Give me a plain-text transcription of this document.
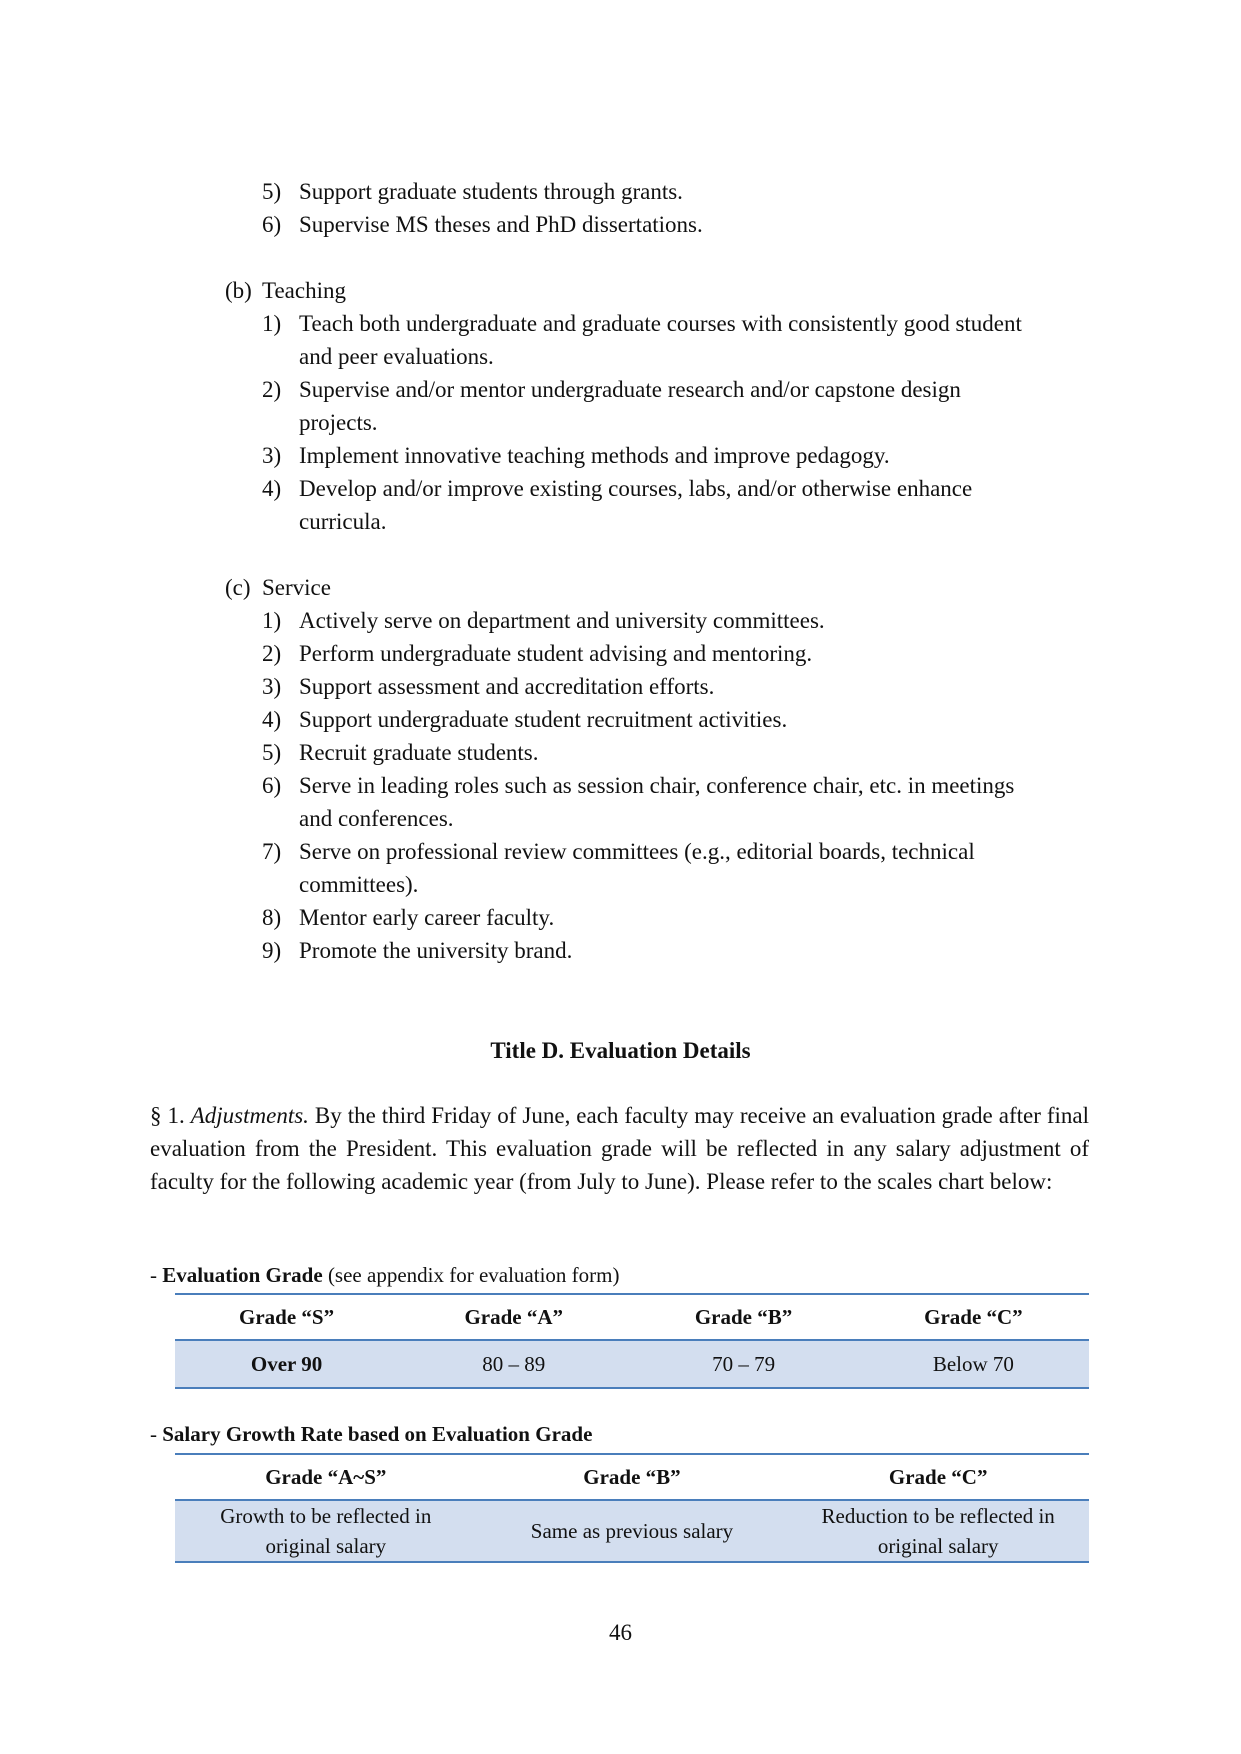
5) Support graduate students through grants.
6) Supervise MS theses and PhD dissertations.
(b) Teaching
1) Teach both undergraduate and graduate courses with consistently good student
and peer evaluations.
2) Supervise and/or mentor undergraduate research and/or capstone design
projects.
3) Implement innovative teaching methods and improve pedagogy.
4) Develop and/or improve existing courses, labs, and/or otherwise enhance
curricula.
(c) Service
1) Actively serve on department and university committees.
2) Perform undergraduate student advising and mentoring.
3) Support assessment and accreditation efforts.
4) Support undergraduate student recruitment activities.
5) Recruit graduate students.
6) Serve in leading roles such as session chair, conference chair, etc. in meetings
and conferences.
7) Serve on professional review committees (e.g., editorial boards, technical
committees).
8) Mentor early career faculty.
9) Promote the university brand.
Title D. Evaluation Details
§ 1. Adjustments. By the third Friday of June, each faculty may receive an evaluation grade after final evaluation from the President. This evaluation grade will be reflected in any salary adjustment of faculty for the following academic year (from July to June). Please refer to the scales chart below:
- Evaluation Grade (see appendix for evaluation form)
Grade “S”	Grade “A”	Grade “B”	Grade “C”
Over 90	80 – 89	70 – 79	Below 70
- Salary Growth Rate based on Evaluation Grade
Grade “A~S”	Grade “B”	Grade “C”
Growth to be reflected in original salary	Same as previous salary	Reduction to be reflected in original salary
46
